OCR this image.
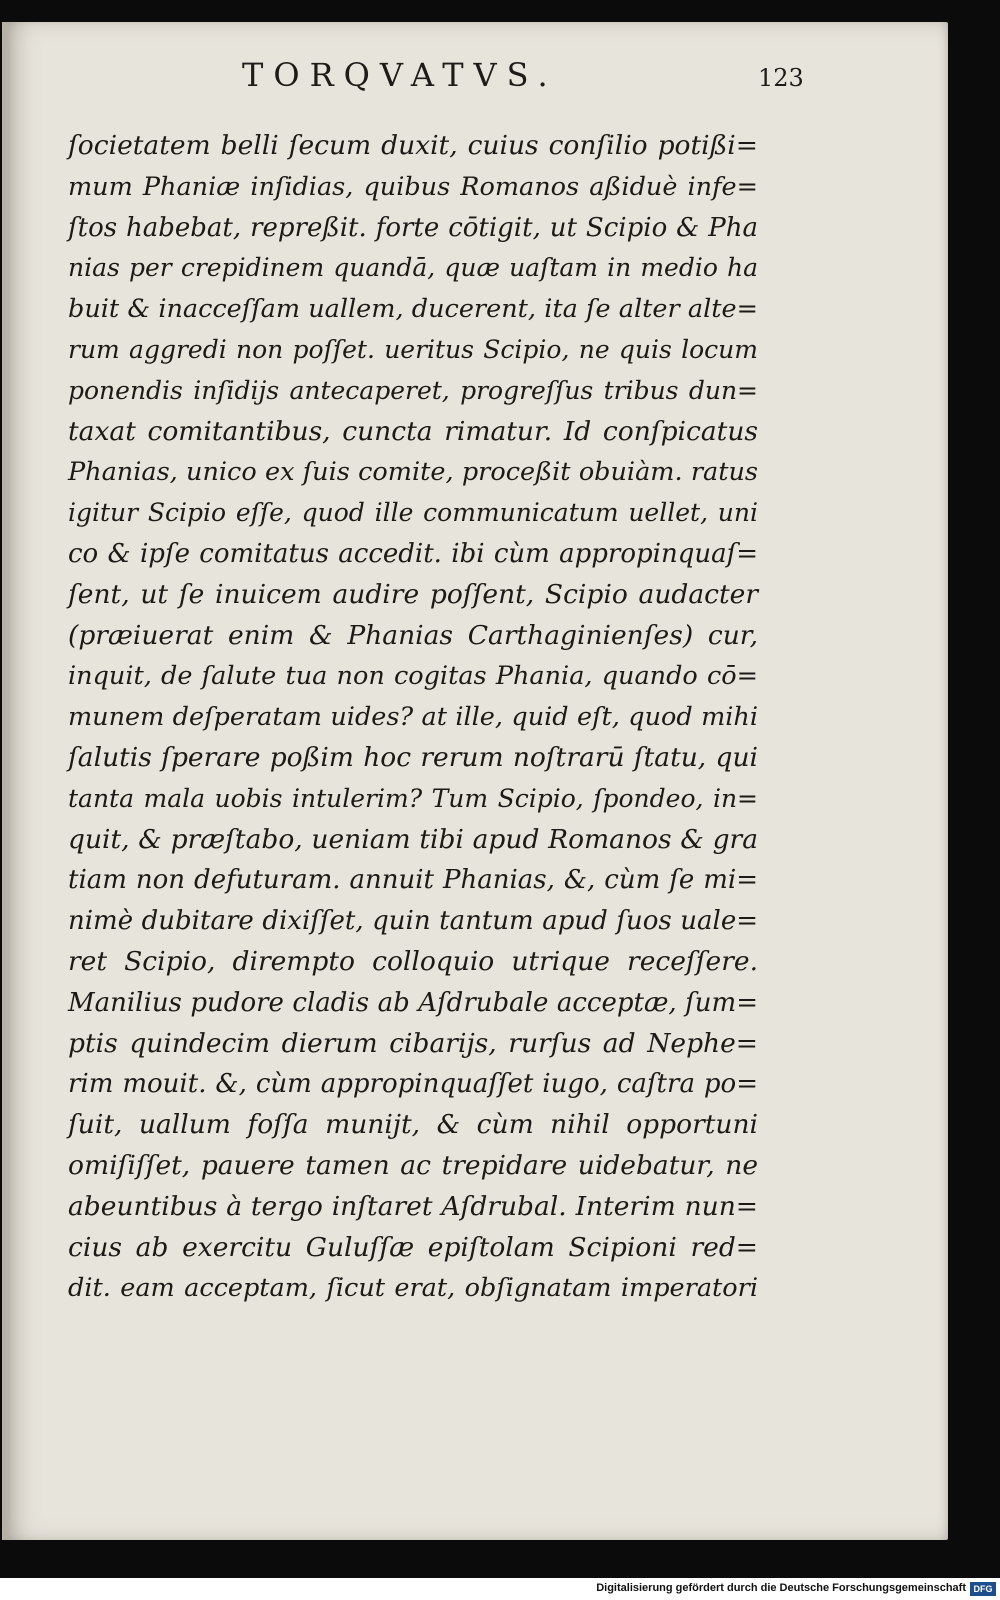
TORQVATVS.	123
ſocietatem belli ſecum duxit, cuius conſilio potißi=
mum Phaniæ inſidias, quibus Romanos aßiduè infe=
ſtos habebat, repreßit. forte cōtigit, ut Scipio & Pha
nias per crepidinem quandā, quæ uaſtam in medio ha
buit & inacceſſam uallem, ducerent, ita ſe alter alte=
rum aggredi non poſſet. ueritus Scipio, ne quis locum
ponendis inſidijs antecaperet, progreſſus tribus dun=
taxat comitantibus, cuncta rimatur. Id conſpicatus
Phanias, unico ex ſuis comite, proceßit obuiàm. ratus
igitur Scipio eſſe, quod ille communicatum uellet, uni
co & ipſe comitatus accedit. ibi cùm appropinquaſ=
ſent, ut ſe inuicem audire poſſent, Scipio audacter
(præiuerat enim & Phanias Carthaginienſes) cur,
inquit, de ſalute tua non cogitas Phania, quando cō=
munem deſperatam uides? at ille, quid eſt, quod mihi
ſalutis ſperare poßim hoc rerum noſtrarū ſtatu, qui
tanta mala uobis intulerim? Tum Scipio, ſpondeo, in=
quit, & præſtabo, ueniam tibi apud Romanos & gra
tiam non defuturam. annuit Phanias, &, cùm ſe mi=
nimè dubitare dixiſſet, quin tantum apud ſuos uale=
ret Scipio, dirempto colloquio utrique receſſere.
Manilius pudore cladis ab Aſdrubale acceptæ, ſum=
ptis quindecim dierum cibarijs, rurſus ad Nephe=
rim mouit. &, cùm appropinquaſſet iugo, caſtra po=
ſuit, uallum foſſa munijt, & cùm nihil opportuni
omiſiſſet, pauere tamen ac trepidare uidebatur, ne
abeuntibus à tergo inſtaret Aſdrubal. Interim nun=
cius ab exercitu Guluſſæ epiſtolam Scipioni red=
dit. eam acceptam, ſicut erat, obſignatam imperatori
Digitalisierung gefördert durch die Deutsche Forschungsgemeinschaft DFG
